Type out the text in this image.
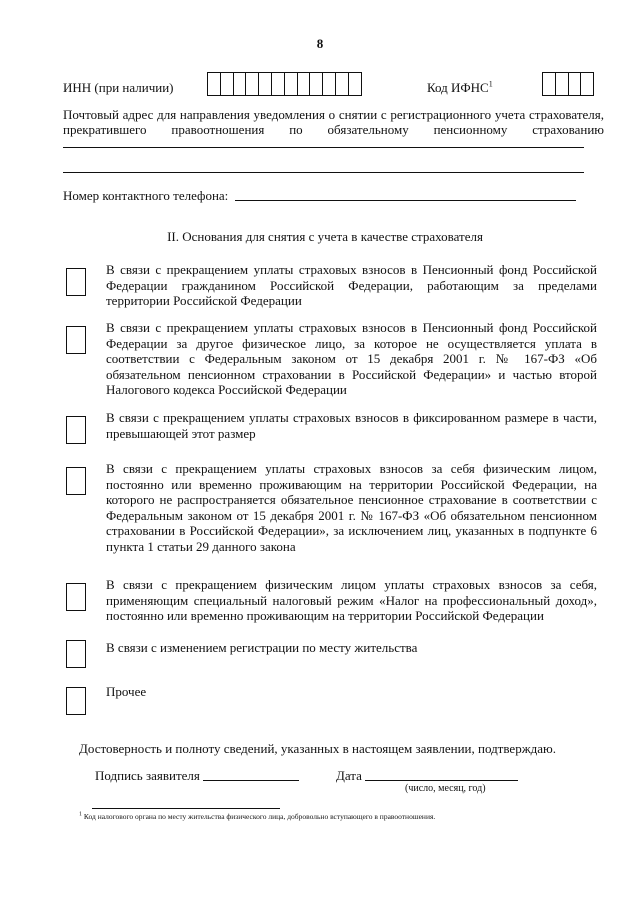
8
ИНН (при наличии)	Код ИФНС$^1$
Почтовый адрес для направления уведомления о снятии с регистрационного учета страхователя,
прекратившего правоотношения по обязательному пенсионному страхованию
Номер контактного телефона:
II. Основания для снятия с учета в качестве страхователя
В связи с прекращением уплаты страховых взносов в Пенсионный фонд Российской
Федерации гражданином Российской Федерации, работающим за пределами
территории Российской Федерации
В связи с прекращением уплаты страховых взносов в Пенсионный фонд Российской
Федерации за другое физическое лицо, за которое не осуществляется уплата в
соответствии с Федеральным законом от 15 декабря 2001 г. № 167-ФЗ «Об
обязательном пенсионном страховании в Российской Федерации» и частью второй
Налогового кодекса Российской Федерации
В связи с прекращением уплаты страховых взносов в фиксированном размере в части,
превышающей этот размер
В связи с прекращением уплаты страховых взносов за себя физическим лицом,
постоянно или временно проживающим на территории Российской Федерации, на
которого не распространяется обязательное пенсионное страхование в соответствии с
Федеральным законом от 15 декабря 2001 г. № 167-ФЗ «Об обязательном пенсионном
страховании в Российской Федерации», за исключением лиц, указанных в подпункте 6
пункта 1 статьи 29 данного закона
В связи с прекращением физическим лицом уплаты страховых взносов за себя,
применяющим специальный налоговый режим «Налог на профессиональный доход»,
постоянно или временно проживающим на территории Российской Федерации
В связи с изменением регистрации по месту жительства
Прочее
Достоверность и полноту сведений, указанных в настоящем заявлении, подтверждаю.
Подпись заявителя	Дата
(число, месяц, год)
$^1$ Код налогового органа по месту жительства физического лица, добровольно вступающего в правоотношения.
